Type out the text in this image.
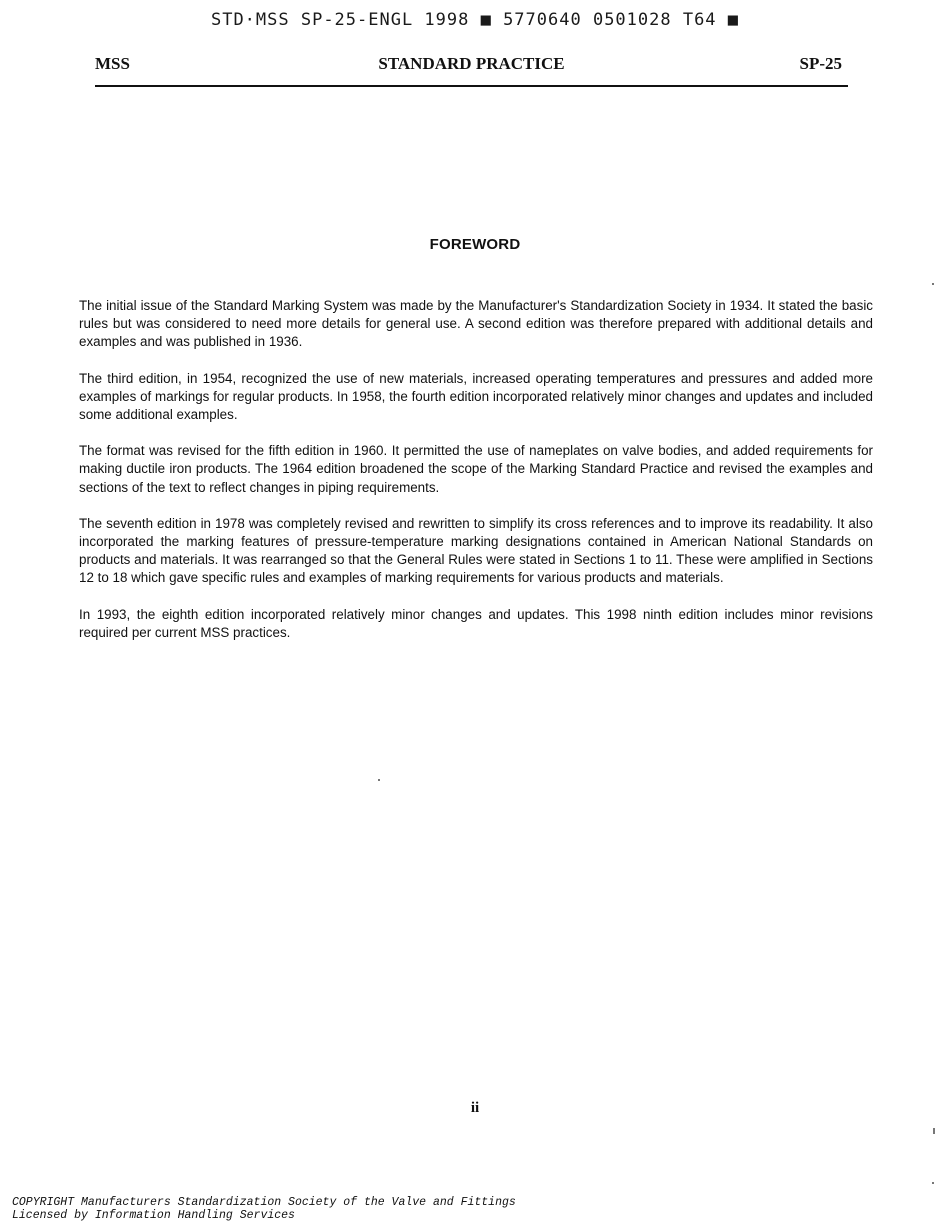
STD·MSS SP-25-ENGL 1998 ■ 5770640 0501028 T64 ■
MSS	STANDARD PRACTICE	SP-25
FOREWORD

The initial issue of the Standard Marking System was made by the Manufacturer's Standardization Society in 1934. It stated the basic rules but was considered to need more details for general use. A second edition was therefore prepared with additional details and examples and was published in 1936.

The third edition, in 1954, recognized the use of new materials, increased operating temperatures and pressures and added more examples of markings for regular products. In 1958, the fourth edition incorporated relatively minor changes and updates and included some additional examples.

The format was revised for the fifth edition in 1960. It permitted the use of nameplates on valve bodies, and added requirements for making ductile iron products. The 1964 edition broadened the scope of the Marking Standard Practice and revised the examples and sections of the text to reflect changes in piping requirements.

The seventh edition in 1978 was completely revised and rewritten to simplify its cross references and to improve its readability. It also incorporated the marking features of pressure-temperature marking designations contained in American National Standards on products and materials. It was rearranged so that the General Rules were stated in Sections 1 to 11. These were amplified in Sections 12 to 18 which gave specific rules and examples of marking requirements for various products and materials.

In 1993, the eighth edition incorporated relatively minor changes and updates. This 1998 ninth edition includes minor revisions required per current MSS practices.

ii
COPYRIGHT Manufacturers Standardization Society of the Valve and Fittings
Licensed by Information Handling Services
